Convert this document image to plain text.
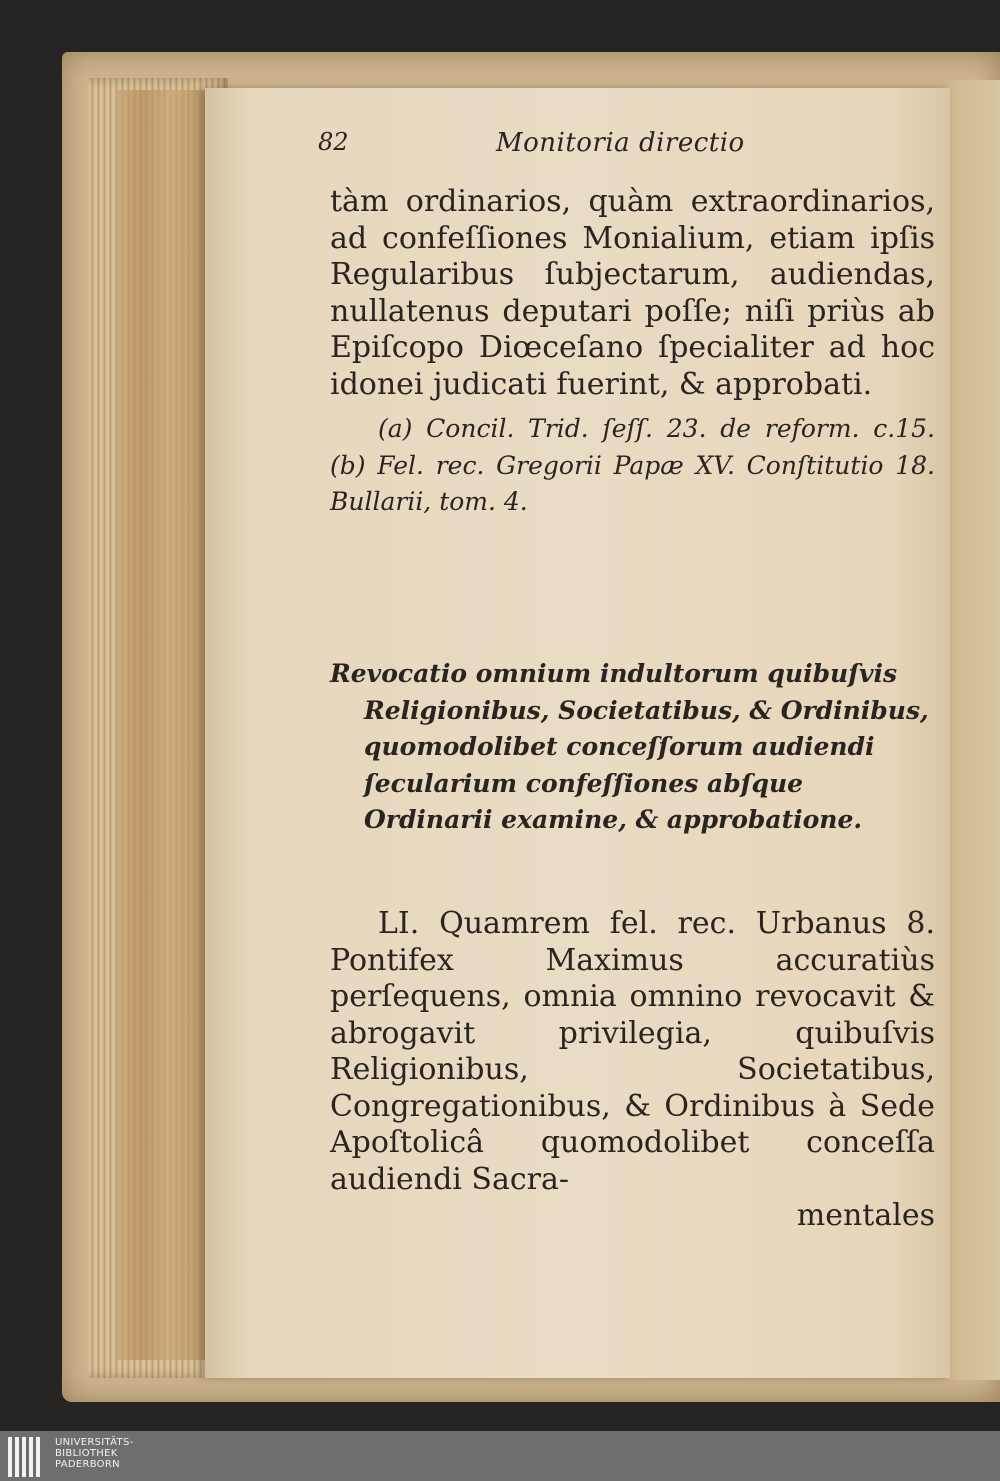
82	Monitoria directio

tàm ordinarios, quàm extraordinarios, ad confeſſiones Monialium, etiam ipſis Regularibus ſubjectarum, audiendas, nullatenus deputari poſſe; niſi priùs ab Epiſcopo Diœceſano ſpecialiter ad hoc idonei judicati fuerint, & approbati.

(a) Concil. Trid. ſeſſ. 23. de reform. c.15. (b) Fel. rec. Gregorii Papæ XV. Conſtitutio 18. Bullarii, tom. 4.

Revocatio omnium indultorum quibuſvis Religionibus, Societatibus, & Ordinibus, quomodolibet conceſſorum audiendi ſecularium confeſſiones abſque Ordinarii examine, & approbatione.

LI. Quamrem fel. rec. Urbanus 8. Pontifex Maximus accuratiùs perſequens, omnia omnino revocavit & abrogavit privilegia, quibuſvis Religionibus, Societatibus, Congregationibus, & Ordinibus à Sede Apoſtolicâ quomodolibet conceſſa audiendi Sacra-

mentales
UNIVERSITÄTS-
BIBLIOTHEK
PADERBORN
